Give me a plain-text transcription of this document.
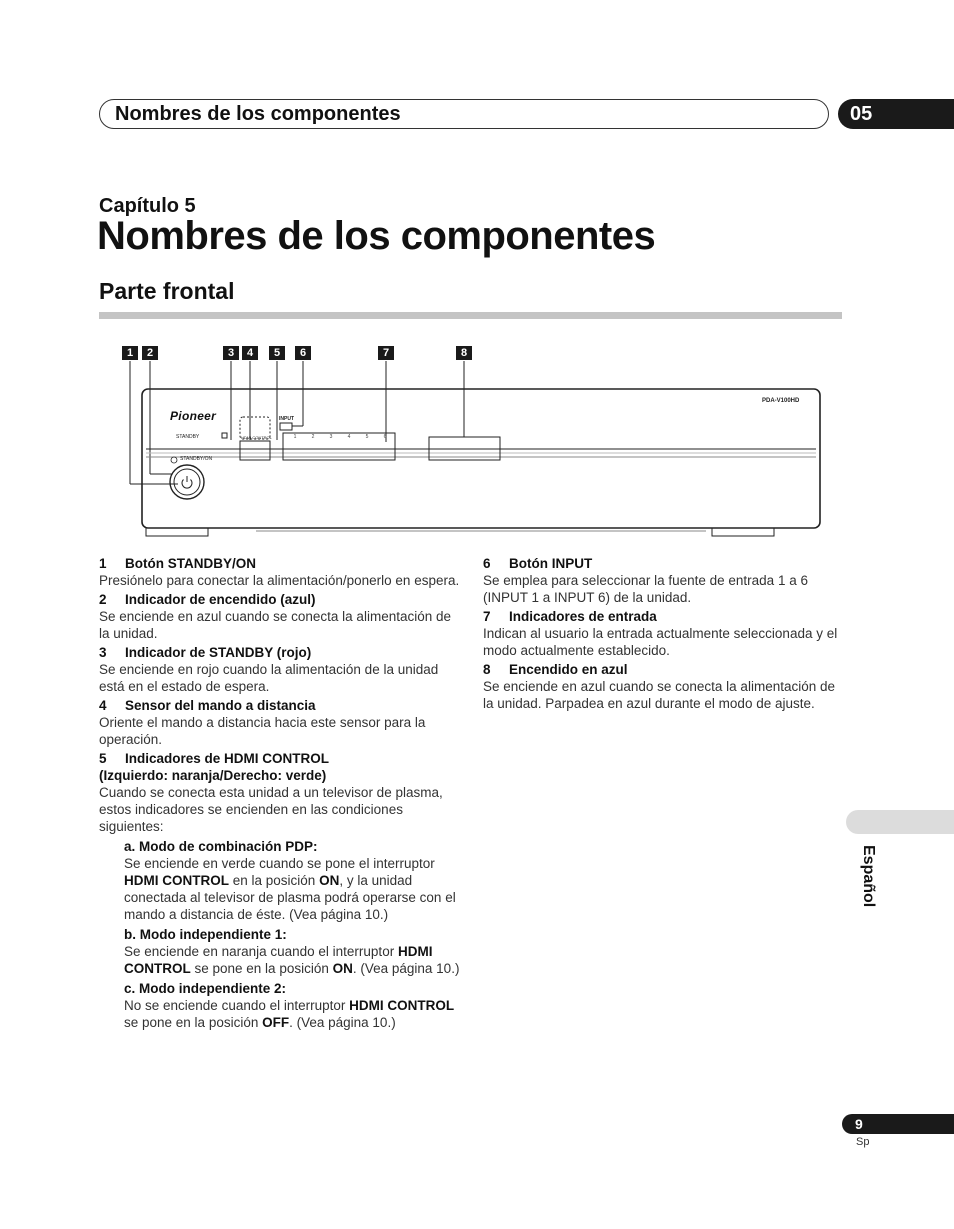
Nombres de los componentes	05
Capítulo 5
Nombres de los componentes
Parte frontal
1	2	3	4	5	6	7	8
Pioneer
PDA-V100HD
STANDBY
STANDBY/ON
INPUT
HDMI CONTROL	1	2	3	4	5	6
1 Botón STANDBY/ON

Presiónelo para conectar la alimentación/ponerlo en espera.

2 Indicador de encendido (azul)

Se enciende en azul cuando se conecta la alimentación de la unidad.

3 Indicador de STANDBY (rojo)

Se enciende en rojo cuando la alimentación de la unidad está en el estado de espera.

4 Sensor del mando a distancia

Oriente el mando a distancia hacia este sensor para la operación.

5 Indicadores de HDMI CONTROL
(Izquierdo: naranja/Derecho: verde)

Cuando se conecta esta unidad a un televisor de plasma, estos indicadores se encienden en las condiciones siguientes:

a. Modo de combinación PDP:

Se enciende en verde cuando se pone el interruptor HDMI CONTROL en la posición ON, y la unidad conectada al televisor de plasma podrá operarse con el mando a distancia de éste. (Vea página 10.)

b. Modo independiente 1:

Se enciende en naranja cuando el interruptor HDMI CONTROL se pone en la posición ON. (Vea página 10.)

c. Modo independiente 2:

No se enciende cuando el interruptor HDMI CONTROL se pone en la posición OFF. (Vea página 10.)

6 Botón INPUT

Se emplea para seleccionar la fuente de entrada 1 a 6 (INPUT 1 a INPUT 6) de la unidad.

7 Indicadores de entrada

Indican al usuario la entrada actualmente seleccionada y el modo actualmente establecido.

8 Encendido en azul

Se enciende en azul cuando se conecta la alimentación de la unidad. Parpadea en azul durante el modo de ajuste.

Español
9
Sp
